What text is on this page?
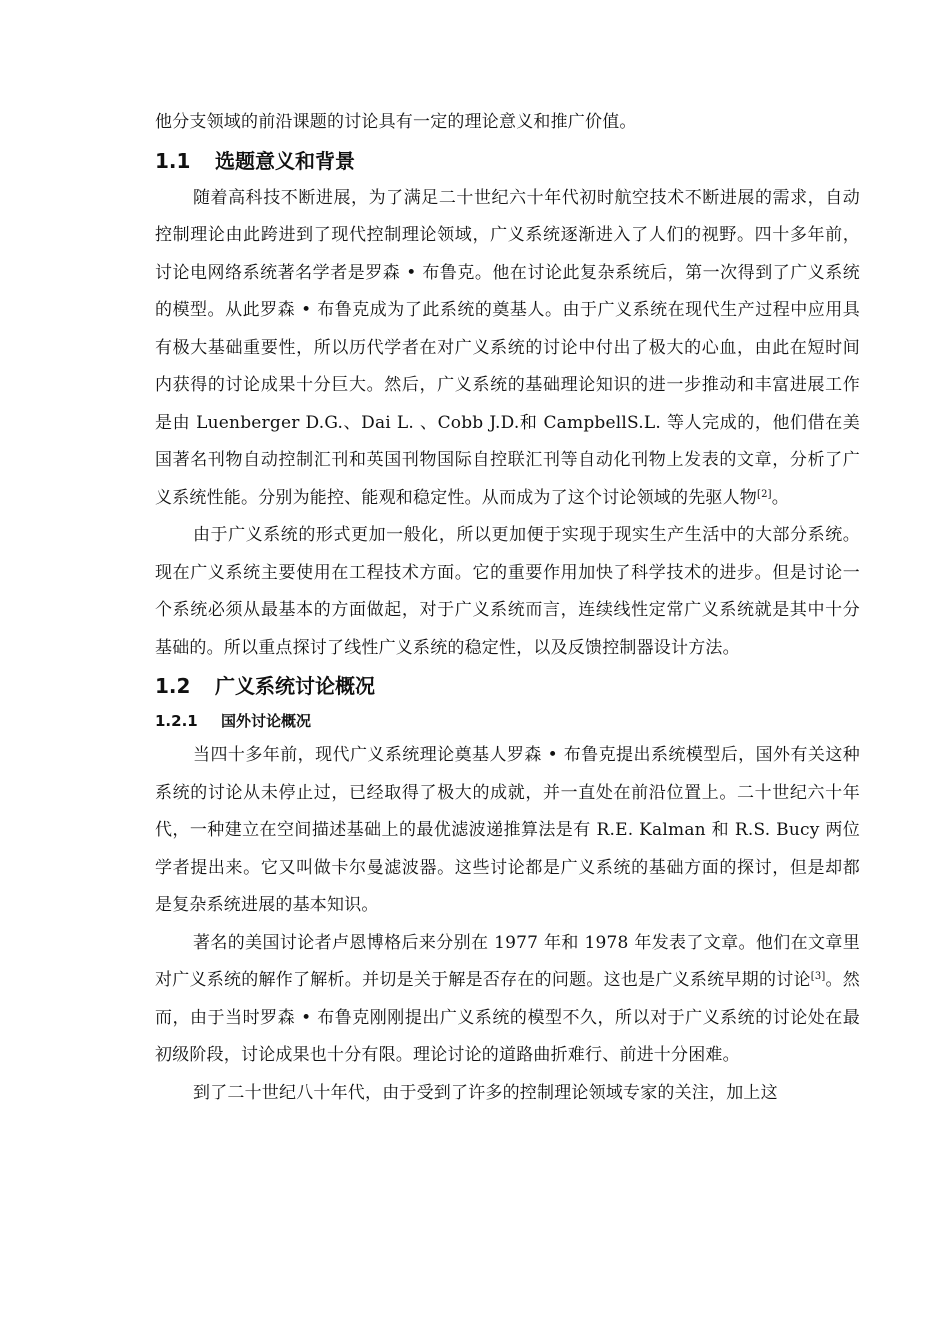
他分支领域的前沿课题的讨论具有一定的理论意义和推广价值。

1.1 选题意义和背景

随着高科技不断进展，为了满足二十世纪六十年代初时航空技术不断进展的需求，自动控制理论由此跨进到了现代控制理论领域，广义系统逐渐进入了人们的视野。四十多年前，讨论电网络系统著名学者是罗森 • 布鲁克。他在讨论此复杂系统后，第一次得到了广义系统的模型。从此罗森 • 布鲁克成为了此系统的奠基人。由于广义系统在现代生产过程中应用具有极大基础重要性，所以历代学者在对广义系统的讨论中付出了极大的心血，由此在短时间内获得的讨论成果十分巨大。然后，广义系统的基础理论知识的进一步推动和丰富进展工作是由 Luenberger D.G.、Dai L. 、Cobb J.D.和 CampbellS.L. 等人完成的，他们借在美国著名刊物自动控制汇刊和英国刊物国际自控联汇刊等自动化刊物上发表的文章，分析了广义系统性能。分别为能控、能观和稳定性。从而成为了这个讨论领域的先驱人物[2]。

由于广义系统的形式更加一般化，所以更加便于实现于现实生产生活中的大部分系统。现在广义系统主要使用在工程技术方面。它的重要作用加快了科学技术的进步。但是讨论一个系统必须从最基本的方面做起，对于广义系统而言，连续线性定常广义系统就是其中十分基础的。所以重点探讨了线性广义系统的稳定性，以及反馈控制器设计方法。

1.2 广义系统讨论概况
1.2.1 国外讨论概况

当四十多年前，现代广义系统理论奠基人罗森 • 布鲁克提出系统模型后，国外有关这种系统的讨论从未停止过，已经取得了极大的成就，并一直处在前沿位置上。二十世纪六十年代，一种建立在空间描述基础上的最优滤波递推算法是有 R.E. Kalman 和 R.S. Bucy 两位学者提出来。它又叫做卡尔曼滤波器。这些讨论都是广义系统的基础方面的探讨，但是却都是复杂系统进展的基本知识。

著名的美国讨论者卢恩博格后来分别在 1977 年和 1978 年发表了文章。他们在文章里对广义系统的解作了解析。并切是关于解是否存在的问题。这也是广义系统早期的讨论[3]。然而，由于当时罗森 • 布鲁克刚刚提出广义系统的模型不久，所以对于广义系统的讨论处在最初级阶段，讨论成果也十分有限。理论讨论的道路曲折难行、前进十分困难。

到了二十世纪八十年代，由于受到了许多的控制理论领域专家的关注，加上这
